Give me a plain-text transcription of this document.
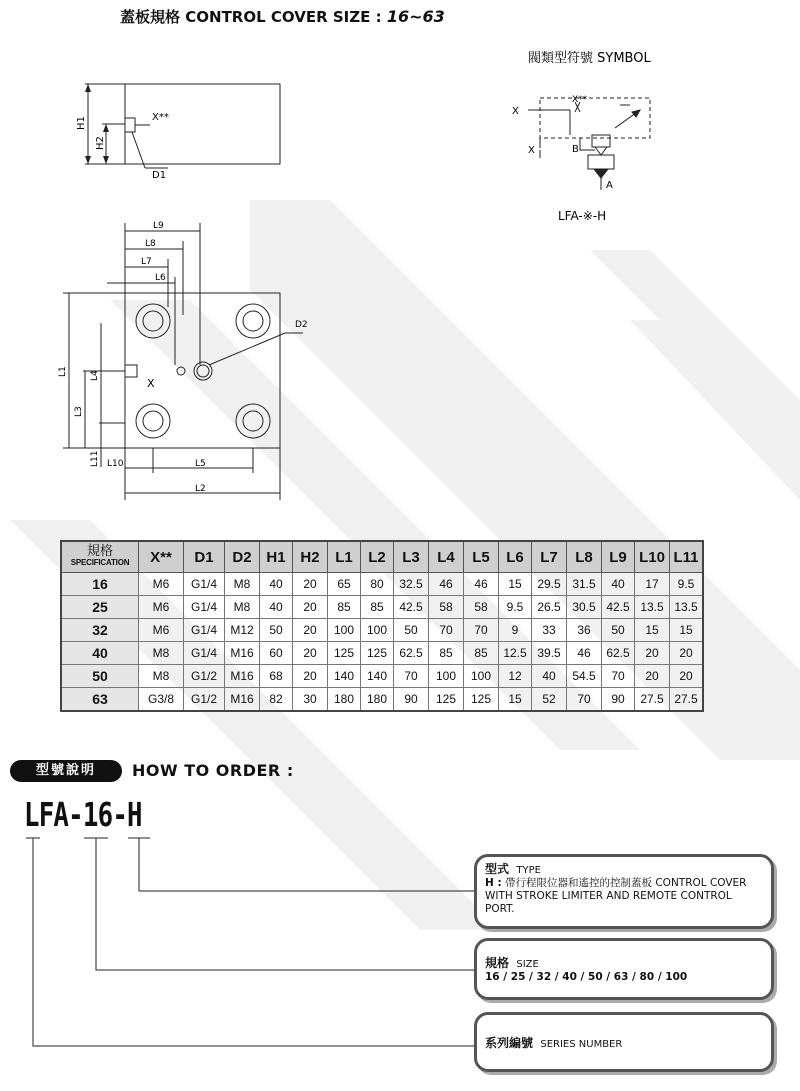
蓋板規格 CONTROL COVER SIZE : 16~63
閥類型符號 SYMBOL
X
X**
X	B
A
LFA-※-H
H1
H2
X**
D1
L9
L8
L7
L6
D2
X
L1 L4
L3
L11 L10	L5
L2
規格
SPECIFICATION	X**	D1	D2	H1	H2	L1	L2	L3	L4	L5	L6	L7	L8	L9	L10	L11
16	M6	G1/4	M8	40	20	65	80	32.5	46	46	15	29.5	31.5	40	17	9.5
25	M6	G1/4	M8	40	20	85	85	42.5	58	58	9.5	26.5	30.5	42.5	13.5	13.5
32	M6	G1/4	M12	50	20	100	100	50	70	70	9	33	36	50	15	15
40	M8	G1/4	M16	60	20	125	125	62.5	85	85	12.5	39.5	46	62.5	20	20
50	M8	G1/2	M16	68	20	140	140	70	100	100	12	40	54.5	70	20	20
63	G3/8	G1/2	M16	82	30	180	180	90	125	125	15	52	70	90	27.5	27.5
型號說明	HOW TO ORDER :
LFA-16-H
型式 TYPE
H : 帶行程限位器和遙控的控制蓋板 CONTROL COVER
WITH STROKE LIMITER AND REMOTE CONTROL
PORT.
規格 SIZE
16 / 25 / 32 / 40 / 50 / 63 / 80 / 100
系列編號 SERIES NUMBER
